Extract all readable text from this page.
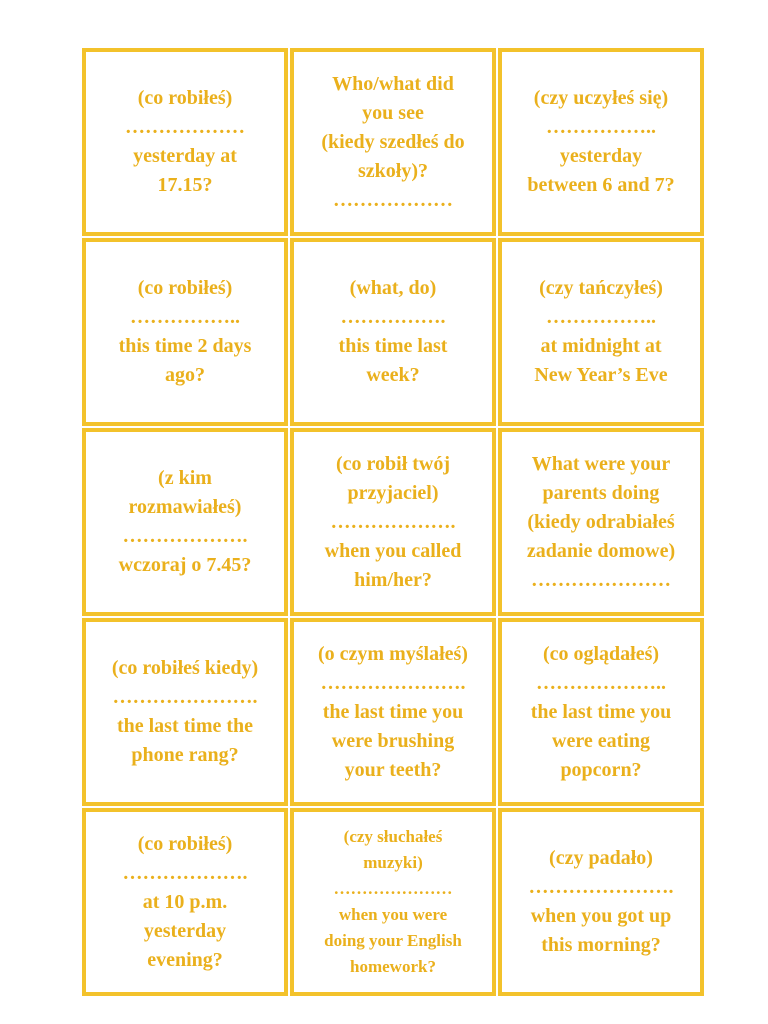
(co robiłeś)
………………
yesterday at
17.15?
Who/what did
you see
(kiedy szedłeś do
szkoły)?
………………
(czy uczyłeś się)
……………..
yesterday
between 6 and 7?
(co robiłeś)
……………..
this time 2 days
ago?
(what, do)
…………….
this time last
week?
(czy tańczyłeś)
……………..
at midnight at
New Year’s Eve
(z kim
rozmawiałeś)
……………….
wczoraj o 7.45?
(co robił twój
przyjaciel)
……………….
when you called
him/her?
What were your
parents doing
(kiedy odrabiałeś
zadanie domowe)
…………………
(co robiłeś kiedy)
………………….
the last time the
phone rang?
(o czym myślałeś)
………………….
the last time you
were brushing
your teeth?
(co oglądałeś)
………………..
the last time you
were eating
popcorn?
(co robiłeś)
……………….
at 10 p.m.
yesterday
evening?
(czy słuchałeś
muzyki)
…………………
when you were
doing your English
homework?
(czy padało)
………………….
when you got up
this morning?
